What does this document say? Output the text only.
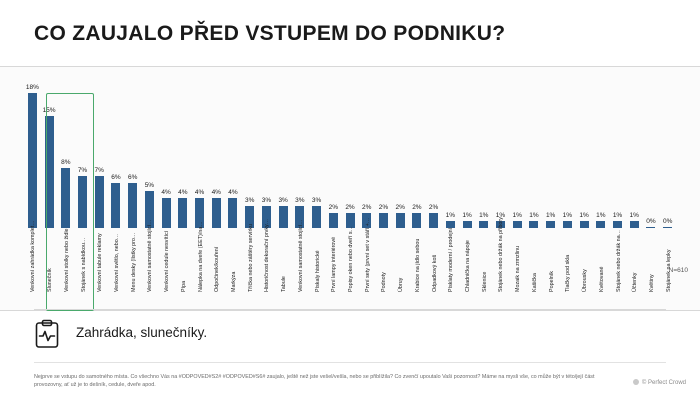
CO ZAUJALO PŘED VSTUPEM DO PODNIKU?
18%
Venkovní zahrádka komplet…
15%
Slunečník
8%
Venkovní stolky nebo židle
7%
Stojánek s nabídkou…
7%
Venkovní tabule reklamy
6%
Venkovní světlo, nebo…
6%
Menu desky (lístky pro…
5%
Venkovní samostatně stojící…
4%
Venkovní cedule nesvítící
4%
Pípa
4%
Nálepka na dveře (EET)/na…
4%
Odpočinek/kouření
4%
Markýza
3%
Tříčka nebo záštěry servírku
3%
Historičnost dekorační prvky…
3%
Tabule
3%
Venkovní samostatně stojící…
3%
Pískaly historické
2%
První lampy interiérové
2%
Popisy oken nebo dveří s…
2%
První sety (první set v stáří +…
2%
Podnoty
2%
Úbruy
2%
Krabice na jídlo sebou
2%
Odpadkový koš
1%
Písklaty moderní / prodejní
1%
Chladnička na nápoje
1%
Sklenice
1%
Stojánek nebo držák na příbory
1%
Mozaik na zrmzlinu
1%
Kašička
1%
Popelník
1%
Tlačky pod skla
1%
Úbrousky
1%
Květované
1%
Stojánek nebo držák na…
1%
Účtenky
0%
Květiny
0%
Stojánek na lepky
N=610
Zahrádka, slunečníky.
Nejprve se vstupu do samotného místa. Co všechno Vás na #ODPOVED#S2# #ODPOVED#S6# zaujalo, ještě než jste vešel/vešla, nebo se přiblížila? Co zvenčí upoutalo Vaši pozornost? Máme na mysli vše, co může být v této/její část provozovny, ať už je to dešník, cedule, dveře apod.	© Perfect Crowd
